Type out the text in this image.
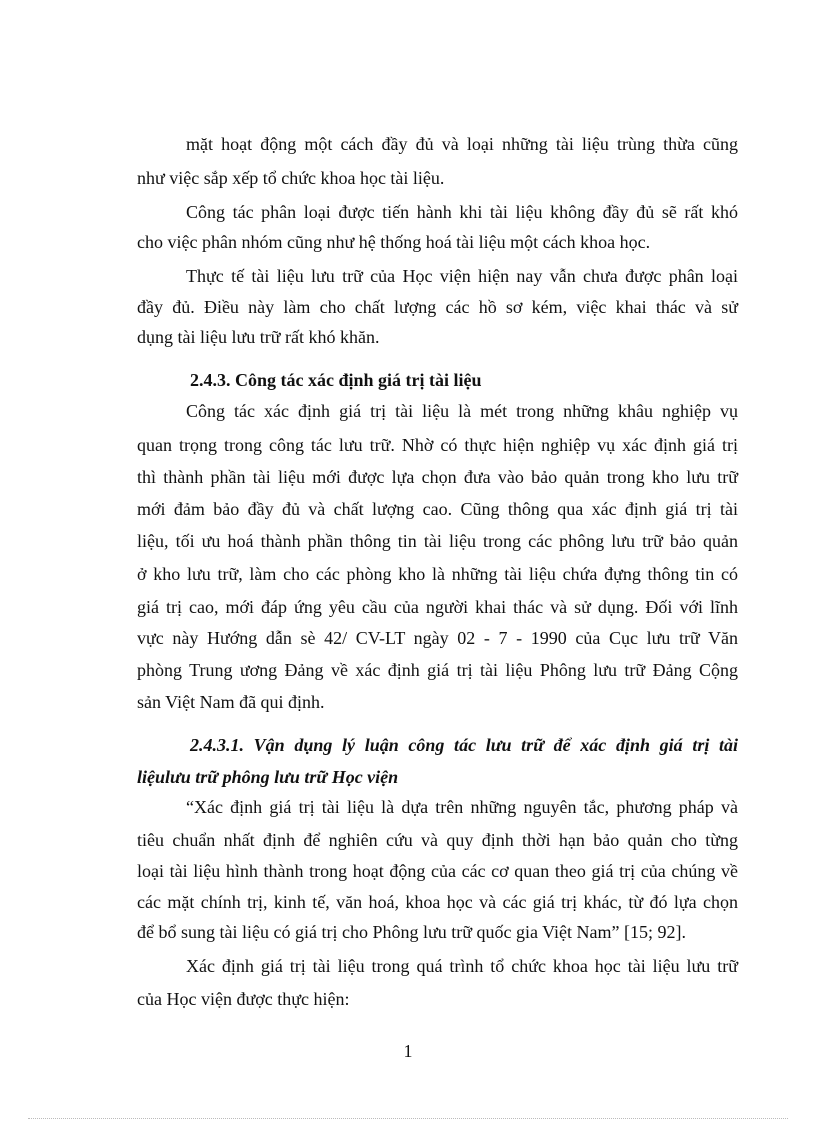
mặt hoạt động một cách đầy đủ và loại những tài liệu trùng thừa cũng
như việc sắp xếp tổ chức khoa học tài liệu.
Công tác phân loại được tiến hành khi tài liệu không đầy đủ sẽ rất khó
cho việc phân nhóm cũng như hệ thống hoá tài liệu một cách khoa học.
Thực tế tài liệu lưu trữ của Học viện hiện nay vẫn chưa được phân loại
đầy đủ. Điều này làm cho chất lượng các hồ sơ kém, việc khai thác và sử
dụng tài liệu lưu trữ rất khó khăn.
2.4.3. Công tác xác định giá trị tài liệu
Công tác xác định giá trị tài liệu là mét trong những khâu nghiệp vụ
quan trọng trong công tác lưu trữ. Nhờ có thực hiện nghiệp vụ xác định giá trị
thì thành phần tài liệu mới được lựa chọn đưa vào bảo quản trong kho lưu trữ
mới đảm bảo đầy đủ và chất lượng cao. Cũng thông qua xác định giá trị tài
liệu, tối ưu hoá thành phần thông tin tài liệu trong các phông lưu trữ bảo quản
ở kho lưu trữ, làm cho các phòng kho là những tài liệu chứa đựng thông tin có
giá trị cao, mới đáp ứng yêu cầu của người khai thác và sử dụng. Đối với lĩnh
vực này Hướng dẫn sè 42/ CV-LT ngày 02 - 7 - 1990 của Cục lưu trữ Văn
phòng Trung ương Đảng về xác định giá trị tài liệu Phông lưu trữ Đảng Cộng
sản Việt Nam đã qui định.
2.4.3.1. Vận dụng lý luận công tác lưu trữ để xác định giá trị tài
liệulưu trữ phông lưu trữ Học viện
“Xác định giá trị tài liệu là dựa trên những nguyên tắc, phương pháp và
tiêu chuẩn nhất định để nghiên cứu và quy định thời hạn bảo quản cho từng
loại tài liệu hình thành trong hoạt động của các cơ quan theo giá trị của chúng về
các mặt chính trị, kinh tế, văn hoá, khoa học và các giá trị khác, từ đó lựa chọn
để bổ sung tài liệu có giá trị cho Phông lưu trữ quốc gia Việt Nam” [15; 92].
Xác định giá trị tài liệu trong quá trình tổ chức khoa học tài liệu lưu trữ
của Học viện được thực hiện:
1
